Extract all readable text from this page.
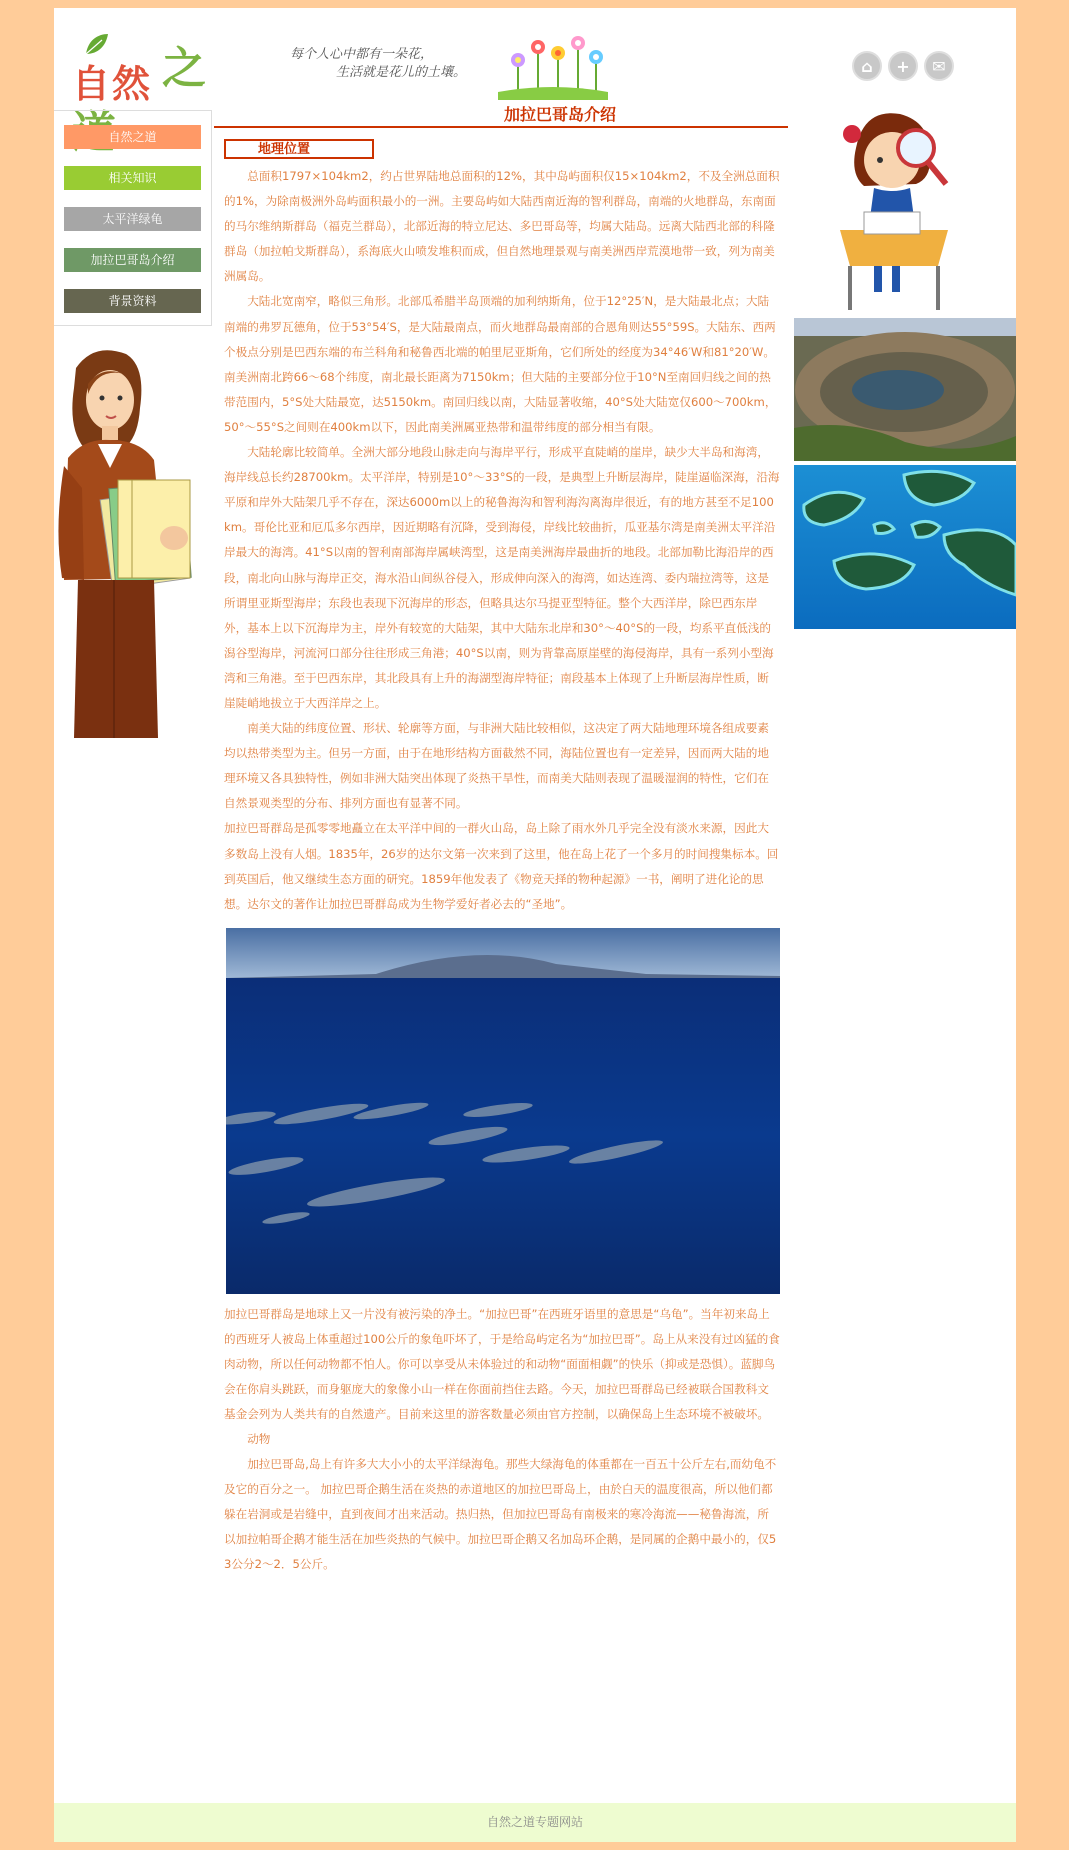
自然 之	每个人心中都有一朵花，
生活就是花儿的土壤。	⌂	+	✉
自然之道
相关知识
太平洋绿龟
加拉巴哥岛介绍
背景资料
加拉巴哥岛介绍
地理位置

总面积1797×104km2，约占世界陆地总面积的12%，其中岛屿面积仅15×104km2，不及全洲总面积的1%，为除南极洲外岛屿面积最小的一洲。主要岛屿如大陆西南近海的智利群岛，南端的火地群岛，东南面的马尔维纳斯群岛（福克兰群岛），北部近海的特立尼达、多巴哥岛等，均属大陆岛。远离大陆西北部的科隆群岛（加拉帕戈斯群岛），系海底火山喷发堆积而成，但自然地理景观与南美洲西岸荒漠地带一致，列为南美洲属岛。

大陆北宽南窄，略似三角形。北部瓜希腊半岛顶端的加利纳斯角，位于12°25′N，是大陆最北点；大陆南端的弗罗瓦德角，位于53°54′S，是大陆最南点，而火地群岛最南部的合恩角则达55°59S。大陆东、西两个极点分别是巴西东端的布兰科角和秘鲁西北端的帕里尼亚斯角，它们所处的经度为34°46′W和81°20′W。南美洲南北跨66～68个纬度，南北最长距离为7150km；但大陆的主要部分位于10°N至南回归线之间的热带范围内，5°S处大陆最宽，达5150km。南回归线以南，大陆显著收缩，40°S处大陆宽仅600～700km，50°～55°S之间则在400km以下，因此南美洲属亚热带和温带纬度的部分相当有限。

大陆轮廓比较简单。全洲大部分地段山脉走向与海岸平行，形成平直陡峭的崖岸，缺少大半岛和海湾，海岸线总长约28700km。太平洋岸，特别是10°～33°S的一段，是典型上升断层海岸，陡崖逼临深海，沿海平原和岸外大陆架几乎不存在，深达6000m以上的秘鲁海沟和智利海沟离海岸很近，有的地方甚至不足100km。哥伦比亚和厄瓜多尔西岸，因近期略有沉降，受到海侵，岸线比较曲折，瓜亚基尔湾是南美洲太平洋沿岸最大的海湾。41°S以南的智利南部海岸属峡湾型，这是南美洲海岸最曲折的地段。北部加勒比海沿岸的西段，南北向山脉与海岸正交，海水沿山间纵谷侵入，形成伸向深入的海湾，如达连湾、委内瑞拉湾等，这是所谓里亚斯型海岸；东段也表现下沉海岸的形态，但略具达尔马提亚型特征。整个大西洋岸，除巴西东岸外，基本上以下沉海岸为主，岸外有较宽的大陆架，其中大陆东北岸和30°～40°S的一段，均系平直低浅的潟谷型海岸，河流河口部分往往形成三角港；40°S以南，则为背靠高原崖壁的海侵海岸，具有一系列小型海湾和三角港。至于巴西东岸，其北段具有上升的海湖型海岸特征；南段基本上体现了上升断层海岸性质，断崖陡峭地拔立于大西洋岸之上。

南美大陆的纬度位置、形状、轮廓等方面，与非洲大陆比较相似，这决定了两大陆地理环境各组成要素均以热带类型为主。但另一方面，由于在地形结构方面截然不同，海陆位置也有一定差异，因而两大陆的地理环境又各具独特性，例如非洲大陆突出体现了炎热干旱性，而南美大陆则表现了温暖湿润的特性，它们在自然景观类型的分布、排列方面也有显著不同。

加拉巴哥群岛是孤零零地矗立在太平洋中间的一群火山岛，岛上除了雨水外几乎完全没有淡水来源，因此大多数岛上没有人烟。1835年，26岁的达尔文第一次来到了这里，他在岛上花了一个多月的时间搜集标本。回到英国后，他又继续生态方面的研究。1859年他发表了《物竞天择的物种起源》一书，阐明了进化论的思想。达尔文的著作让加拉巴哥群岛成为生物学爱好者必去的“圣地”。

加拉巴哥群岛是地球上又一片没有被污染的净土。“加拉巴哥”在西班牙语里的意思是“乌龟”。当年初来岛上的西班牙人被岛上体重超过100公斤的象龟吓坏了，于是给岛屿定名为“加拉巴哥”。岛上从来没有过凶猛的食肉动物，所以任何动物都不怕人。你可以享受从未体验过的和动物“面面相觑”的快乐（抑或是恐惧）。蓝脚鸟会在你肩头跳跃，而身躯庞大的象像小山一样在你面前挡住去路。今天，加拉巴哥群岛已经被联合国教科文基金会列为人类共有的自然遗产。目前来这里的游客数量必须由官方控制，以确保岛上生态环境不被破坏。

动物

加拉巴哥岛,岛上有许多大大小小的太平洋绿海龟。那些大绿海龟的体重都在一百五十公斤左右,而幼龟不及它的百分之一。 加拉巴哥企鹅生活在炎热的赤道地区的加拉巴哥岛上，由於白天的温度很高，所以他们都躲在岩洞或是岩缝中，直到夜间才出来活动。热归热，但加拉巴哥岛有南极来的寒冷海流——秘鲁海流，所以加拉帕哥企鹅才能生活在加些炎热的气候中。加拉巴哥企鹅又名加岛环企鹅，是同属的企鹅中最小的，仅53公分2～2．5公斤。

自然之道专题网站
